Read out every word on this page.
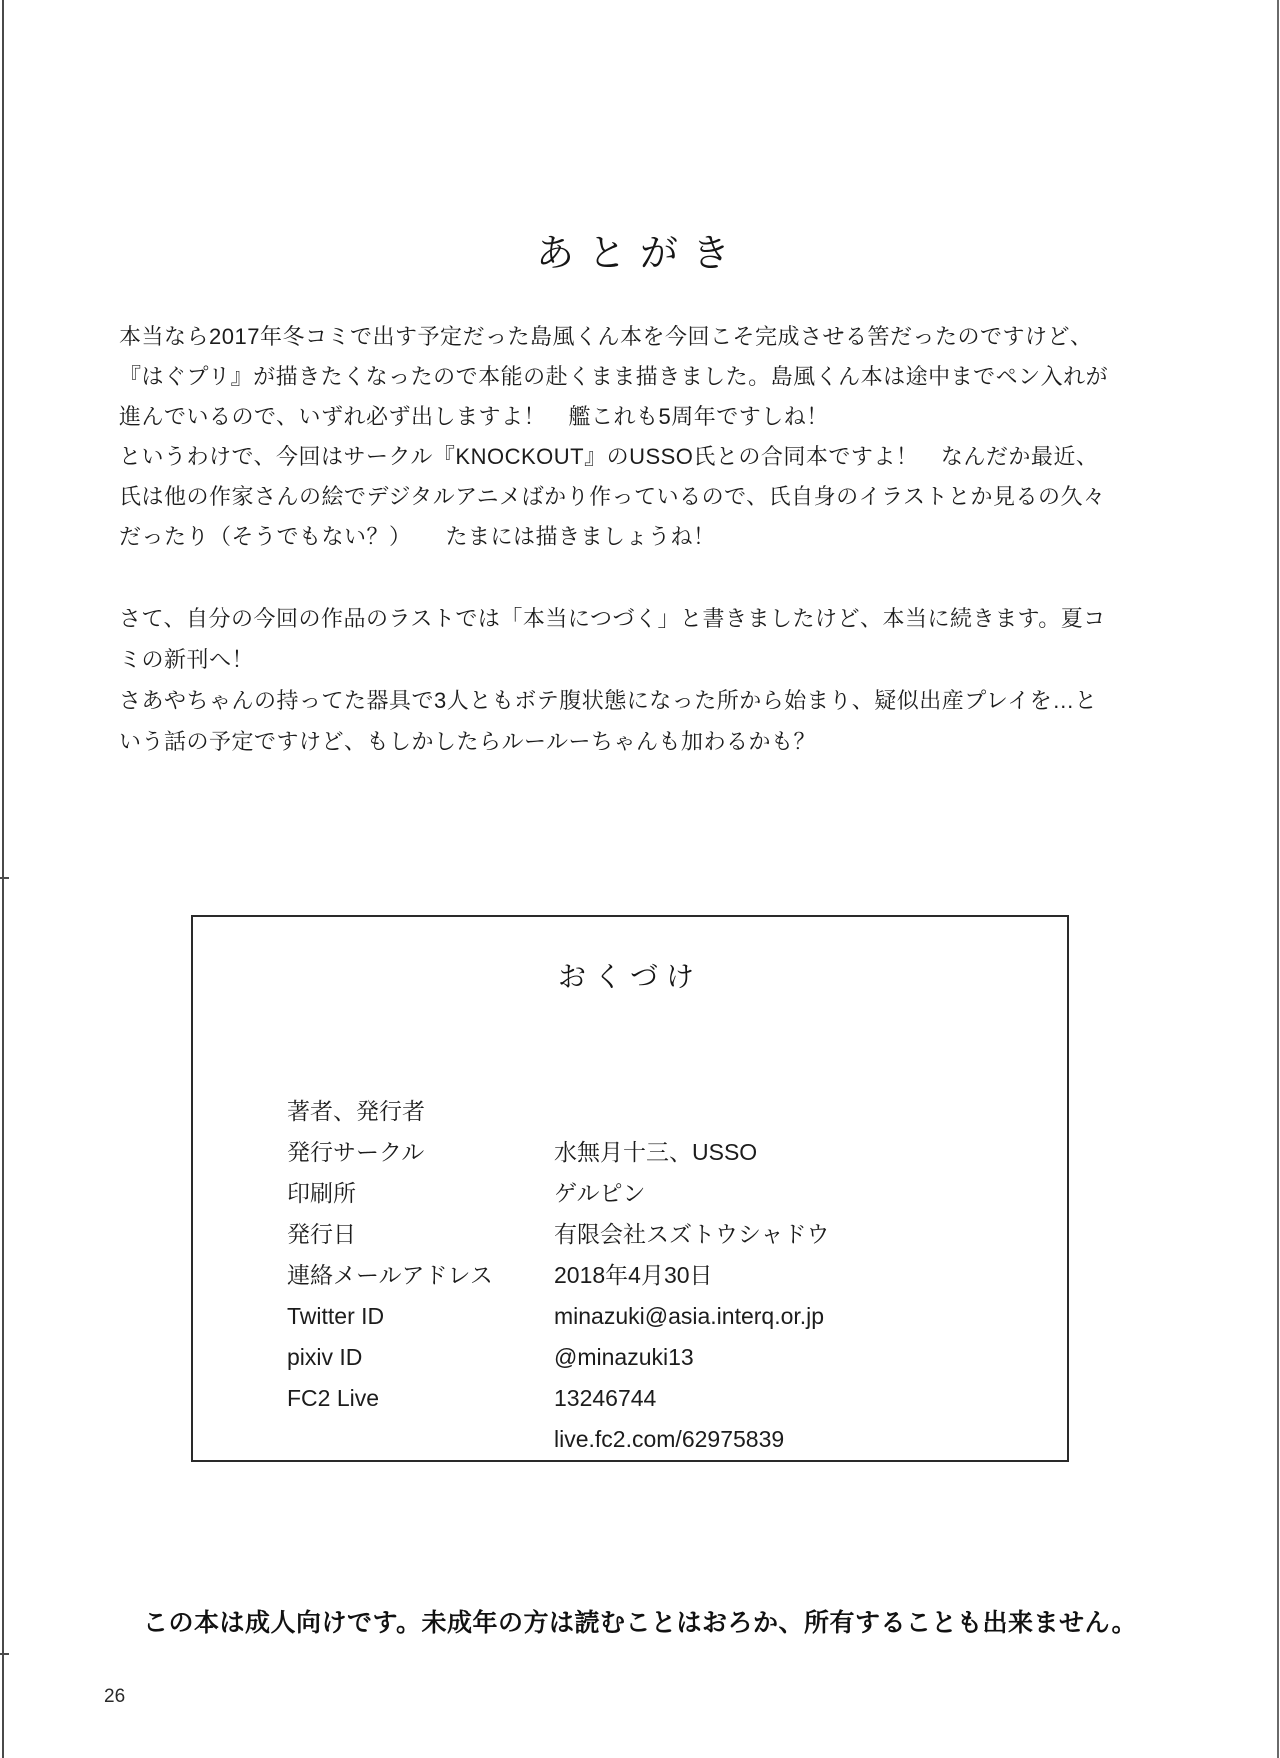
あとがき
本当なら2017年冬コミで出す予定だった島風くん本を今回こそ完成させる筈だったのですけど、
『はぐプリ』が描きたくなったので本能の赴くまま描きました。島風くん本は途中までペン入れが
進んでいるので、いずれ必ず出しますよ！　艦これも5周年ですしね！
というわけで、今回はサークル『KNOCKOUT』のUSSO氏との合同本ですよ！　なんだか最近、
氏は他の作家さんの絵でデジタルアニメばかり作っているので、氏自身のイラストとか見るの久々
だったり（そうでもない？）　　たまには描きましょうね！
さて、自分の今回の作品のラストでは「本当につづく」と書きましたけど、本当に続きます。夏コ
ミの新刊へ！
さあやちゃんの持ってた器具で3人ともボテ腹状態になった所から始まり、疑似出産プレイを…と
いう話の予定ですけど、もしかしたらルールーちゃんも加わるかも？
おくづけ

著者、発行者

水無月十三、USSO

発行サークル

ゲルピン

印刷所

有限会社スズトウシャドウ

発行日

2018年4月30日

連絡メールアドレス

minazuki@asia.interq.or.jp

Twitter ID

@minazuki13

pixiv ID

13246744

FC2 Live

live.fc2.com/62975839

この本は成人向けです。未成年の方は読むことはおろか、所有することも出来ません。
26
